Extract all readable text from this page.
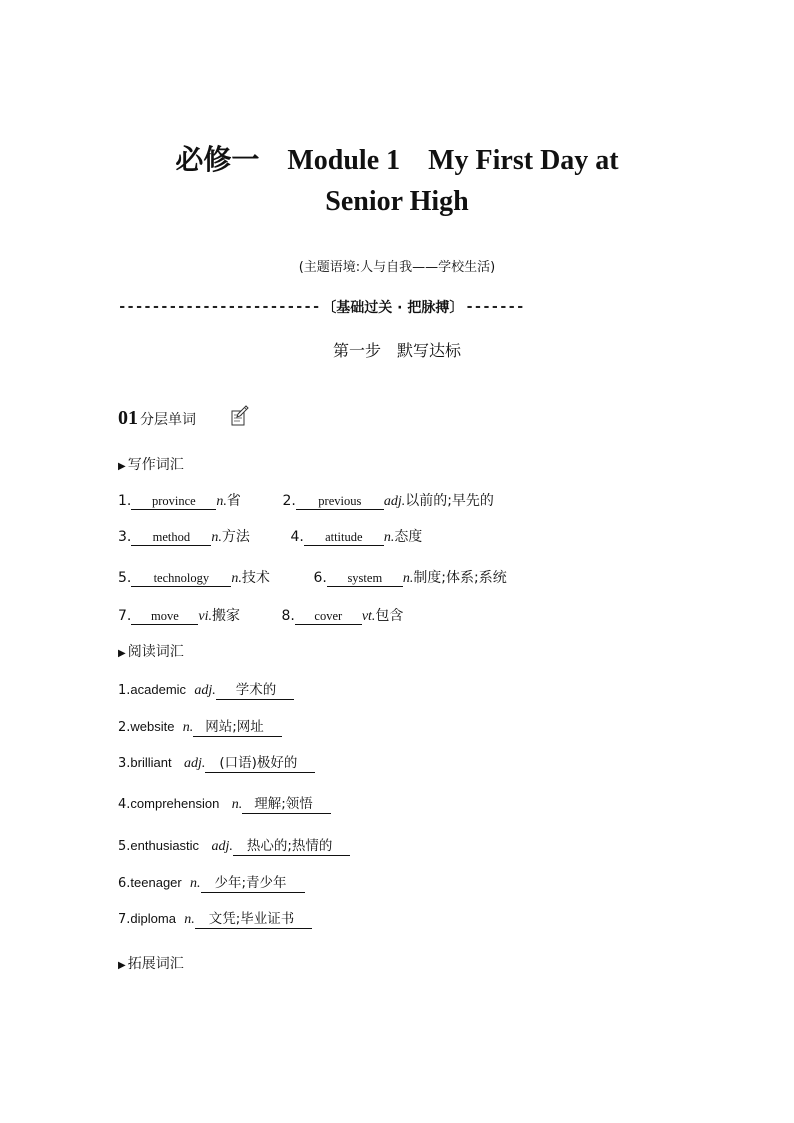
必修一　Module 1　My First Day at
Senior High
(主题语境:人与自我——学校生活)
------------------------ 〔基础过关 · 把脉搏〕 -------
第一步　默写达标
01 分层单词
▶ 写作词汇
1. province n.省	2. previous adj.以前的;早先的
3. method n.方法	4. attitude n.态度
5. technology n.技术	6. system n.制度;体系;系统
7. move vi.搬家	8. cover vt.包含
▶ 阅读词汇
1.academic adj. 学术的
2.website n. 网站;网址
3.brilliant adj. (口语)极好的
4.comprehension n. 理解;领悟
5.enthusiastic adj. 热心的;热情的
6.teenager n. 少年;青少年
7.diploma n. 文凭;毕业证书
▶ 拓展词汇
